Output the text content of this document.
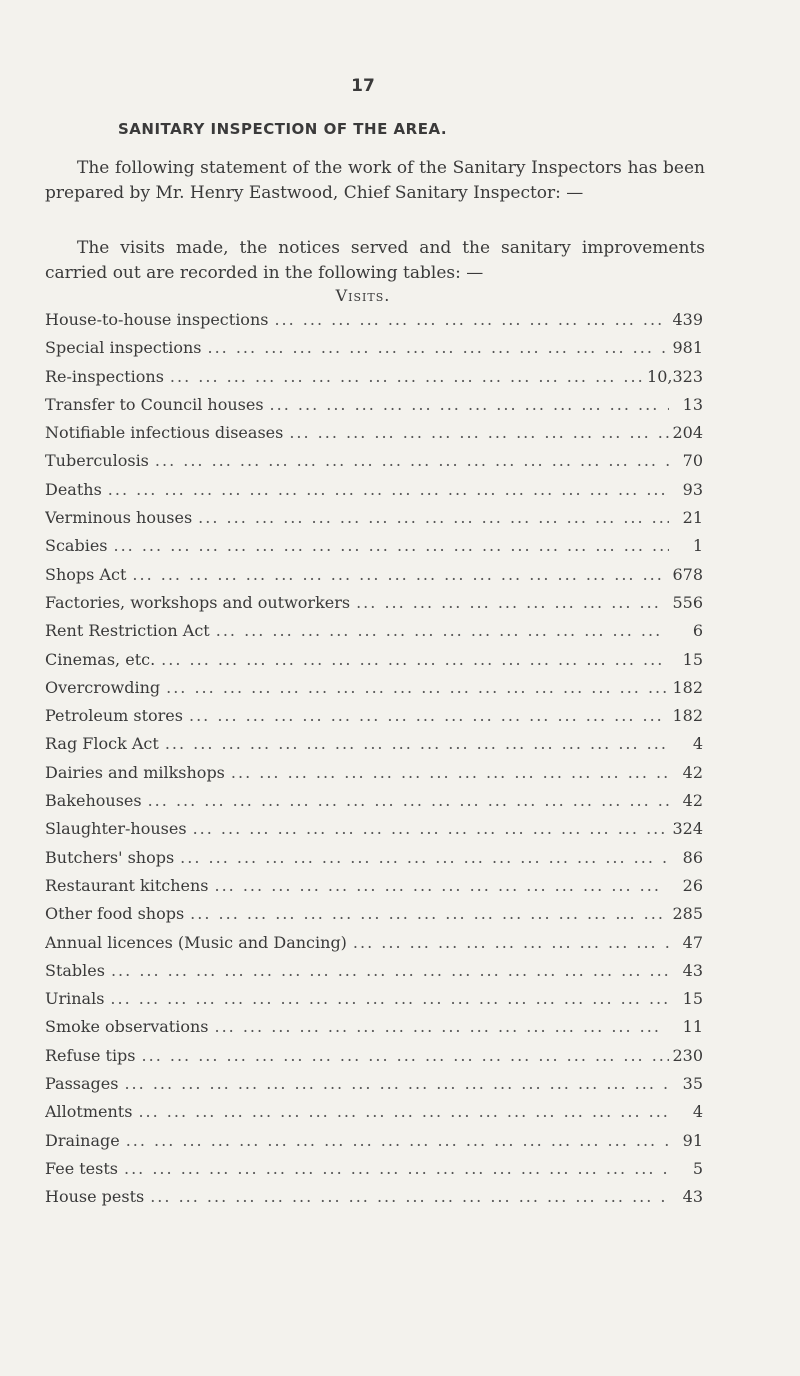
17
SANITARY INSPECTION OF THE AREA.

The following statement of the work of the Sanitary Inspectors has been prepared by Mr. Henry Eastwood, Chief Sanitary Inspector: —

The visits made, the notices served and the sanitary improvements carried out are recorded in the following tables: —

Visits.
House-to-house inspections ... .	439
Special inspections ... .	981
Re-inspections ... .	10,323
Transfer to Council houses ... .	13
Notifiable infectious diseases ... .	204
Tuberculosis ... .	70
Deaths ... .	93
Verminous houses ... .	21
Scabies ... .	1
Shops Act ... .	678
Factories, workshops and outworkers ... .	556
Rent Restriction Act ... .	6
Cinemas, etc. ... .	15
Overcrowding ... .	182
Petroleum stores ... .	182
Rag Flock Act ... .	4
Dairies and milkshops ... .	42
Bakehouses ... .	42
Slaughter-houses ... .	324
Butchers' shops ... .	86
Restaurant kitchens ... .	26
Other food shops ... .	285
Annual licences (Music and Dancing) ... .	47
Stables ... .	43
Urinals ... .	15
Smoke observations ... .	11
Refuse tips ... .	230
Passages ... .	35
Allotments ... .	4
Drainage ... .	91
Fee tests ... .	5
House pests ... .	43
